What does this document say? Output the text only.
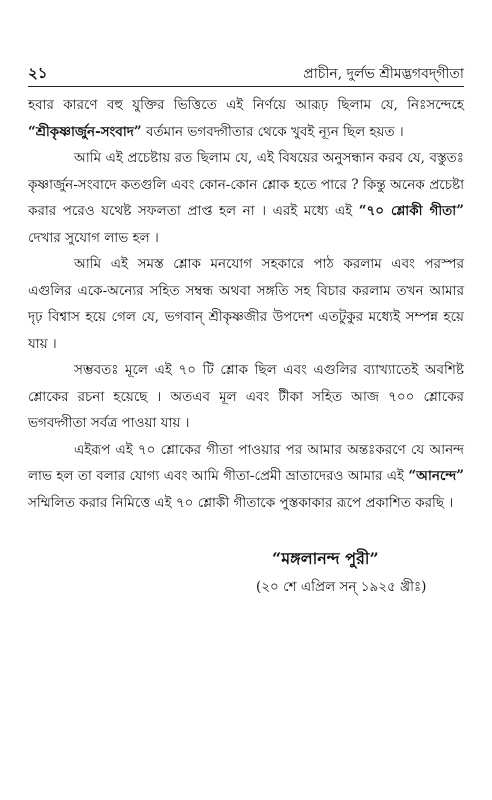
২১	প্রাচীন, দুর্লভ শ্রীমদ্ভগবদ্‌গীতা

হবার কারণে বহু যুক্তির ভিত্তিতে এই নির্ণয়ে আরূঢ় ছিলাম যে, নিঃসন্দেহে “শ্রীকৃষ্ণার্জুন-সংবাদ” বর্তমান ভগবদ্গীতার থেকে খুবই ন্যূন ছিল হয়ত ।

আমি এই প্রচেষ্টায় রত ছিলাম যে, এই বিষয়ের অনুসন্ধান করব যে, বস্তুতঃ কৃষ্ণার্জুন-সংবাদে কতগুলি এবং কোন-কোন শ্লোক হতে পারে ? কিন্তু অনেক প্রচেষ্টা করার পরেও যথেষ্ট সফলতা প্রাপ্ত হল না । এরই মধ্যে এই “৭০ শ্লোকী গীতা” দেখার সুযোগ লাভ হল ।

আমি এই সমস্ত শ্লোক মনযোগ সহকারে পাঠ করলাম এবং পরস্পর এগুলির একে-অন্যের সহিত সম্বন্ধ অথবা সঙ্গতি সহ বিচার করলাম তখন আমার দৃঢ় বিশ্বাস হয়ে গেল যে, ভগবান্ শ্রীকৃষ্ণজীর উপদেশ এতটুকুর মধ্যেই সম্পন্ন হয়ে যায় ।

সম্ভবতঃ মূলে এই ৭০ টি শ্লোক ছিল এবং এগুলির ব্যাখ্যাতেই অবশিষ্ট শ্লোকের রচনা হয়েছে । অতএব মূল এবং টীকা সহিত আজ ৭০০ শ্লোকের ভগবদ্গীতা সর্বত্র পাওয়া যায় ।

এইরূপ এই ৭০ শ্লোকের গীতা পাওয়ার পর আমার অন্তঃকরণে যে আনন্দ লাভ হল তা বলার যোগ্য এবং আমি গীতা-প্রেমী ভ্রাতাদেরও আমার এই “আনন্দে” সম্মিলিত করার নিমিত্তে এই ৭০ শ্লোকী গীতাকে পুস্তকাকার রূপে প্রকাশিত করছি ।

“মঙ্গলানন্দ পুরী”
(২০ শে এপ্রিল সন্ ১৯২৫ খ্রীঃ)
